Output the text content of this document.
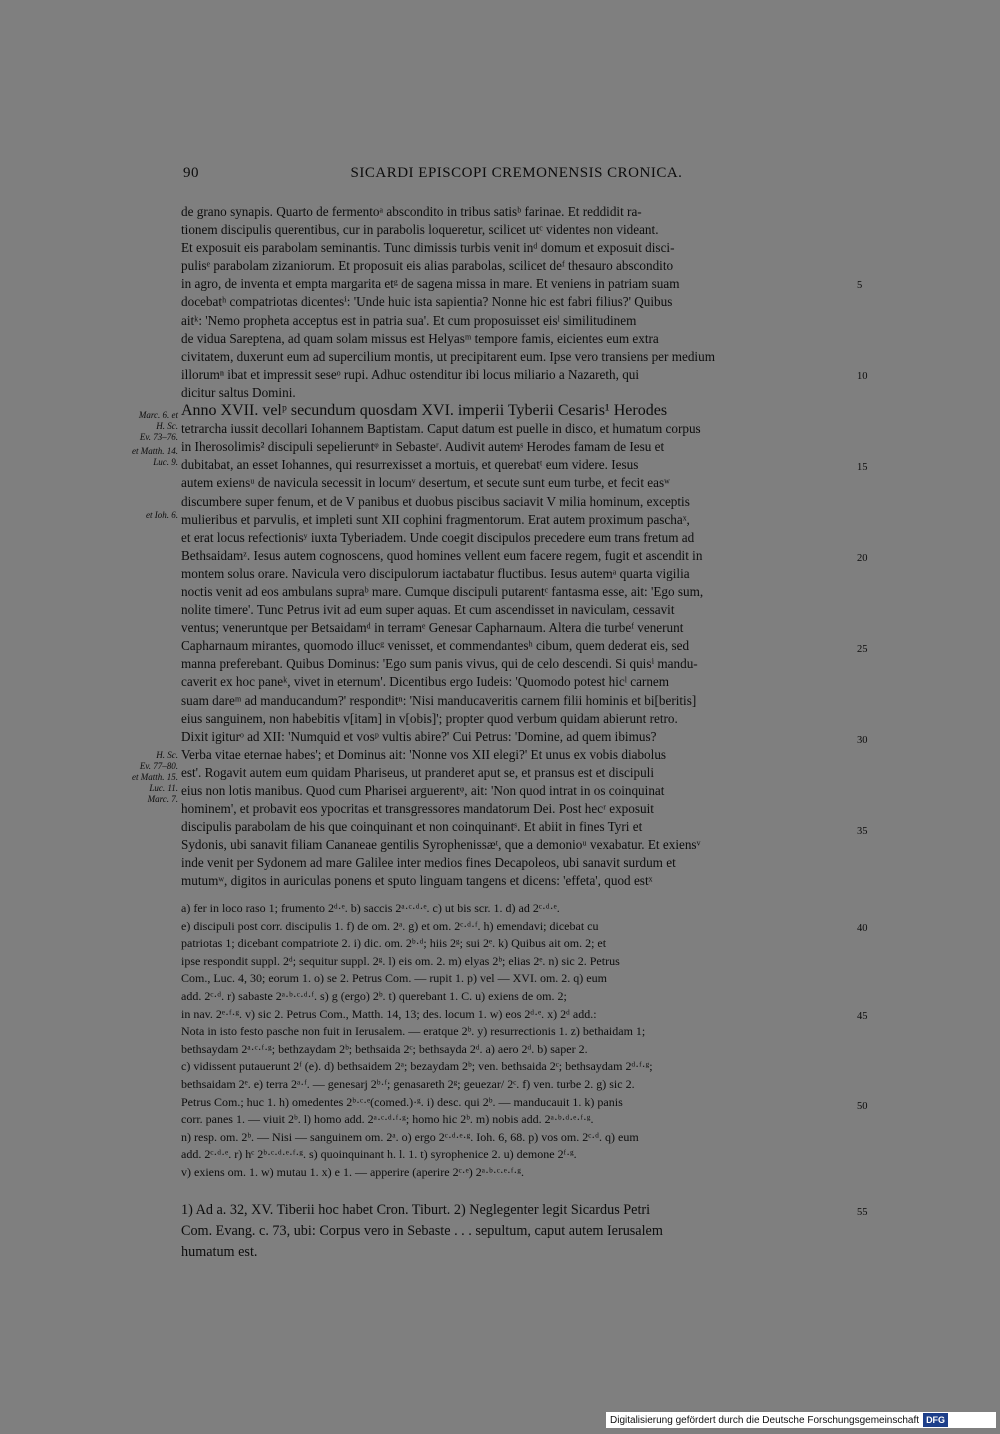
90	SICARDI EPISCOPI CREMONENSIS CRONICA.
de grano synapis. Quarto de fermentoᵃ abscondito in tribus satisᵇ farinae. Et reddidit ra-
tionem discipulis querentibus, cur in parabolis loqueretur, scilicet utᶜ videntes non videant.
Et exposuit eis parabolam seminantis. Tunc dimissis turbis venit inᵈ domum et exposuit disci-
pulisᵉ parabolam zizaniorum. Et proposuit eis alias parabolas, scilicet deᶠ thesauro abscondito
in agro, de inventa et empta margarita etᵍ de sagena missa in mare. Et veniens in patriam suam
docebatʰ compatriotas dicentesⁱ: 'Unde huic ista sapientia? Nonne hic est fabri filius?' Quibus
aitᵏ: 'Nemo propheta acceptus est in patria sua'. Et cum proposuisset eisˡ similitudinem
de vidua Sareptena, ad quam solam missus est Helyasᵐ tempore famis, eicientes eum extra
civitatem, duxerunt eum ad supercilium montis, ut precipitarent eum. Ipse vero transiens per medium
illorumⁿ ibat et impressit seseᵒ rupi. Adhuc ostenditur ibi locus miliario a Nazareth, qui
dicitur saltus Domini.
Anno XVII. velᵖ secundum quosdam XVI. imperii Tyberii Cesaris¹ Herodes
tetrarcha iussit decollari Iohannem Baptistam. Caput datum est puelle in disco, et humatum corpus
in Iherosolimis² discipuli sepelieruntᵠ in Sebasteʳ. Audivit autemˢ Herodes famam de Iesu et
dubitabat, an esset Iohannes, qui resurrexisset a mortuis, et querebatᵗ eum videre. Iesus
autem exiensᵘ de navicula secessit in locumᵛ desertum, et secute sunt eum turbe, et fecit easʷ
discumbere super fenum, et de V panibus et duobus piscibus saciavit V milia hominum, exceptis
mulieribus et parvulis, et impleti sunt XII cophini fragmentorum. Erat autem proximum paschaˣ,
et erat locus refectionisʸ iuxta Tyberiadem. Unde coegit discipulos precedere eum trans fretum ad
Bethsaidamᶻ. Iesus autem cognoscens, quod homines vellent eum facere regem, fugit et ascendit in
montem solus orare. Navicula vero discipulorum iactabatur fluctibus. Iesus autemᵃ quarta vigilia
noctis venit ad eos ambulans supraᵇ mare. Cumque discipuli putarentᶜ fantasma esse, ait: 'Ego sum,
nolite timere'. Tunc Petrus ivit ad eum super aquas. Et cum ascendisset in naviculam, cessavit
ventus; veneruntque per Betsaidamᵈ in terramᵉ Genesar Capharnaum. Altera die turbeᶠ venerunt
Capharnaum mirantes, quomodo illucᵍ venisset, et commendantesʰ cibum, quem dederat eis, sed
manna preferebant. Quibus Dominus: 'Ego sum panis vivus, qui de celo descendi. Si quisⁱ mandu-
caverit ex hoc paneᵏ, vivet in eternum'. Dicentibus ergo Iudeis: 'Quomodo potest hicˡ carnem
suam dareᵐ ad manducandum?' responditⁿ: 'Nisi manducaveritis carnem filii hominis et bi[beritis]
eius sanguinem, non habebitis v[itam] in v[obis]'; propter quod verbum quidam abierunt retro.
Dixit igiturᵒ ad XII: 'Numquid et vosᵖ vultis abire?' Cui Petrus: 'Domine, ad quem ibimus?
Verba vitae eternae habes'; et Dominus ait: 'Nonne vos XII elegi?' Et unus ex vobis diabolus
est'. Rogavit autem eum quidam Phariseus, ut pranderet aput se, et pransus est et discipuli
eius non lotis manibus. Quod cum Pharisei arguerentᵠ, ait: 'Non quod intrat in os coinquinat
hominem', et probavit eos ypocritas et transgressores mandatorum Dei. Post hecʳ exposuit
discipulis parabolam de his que coinquinant et non coinquinantˢ. Et abiit in fines Tyri et
Sydonis, ubi sanavit filiam Cananeae gentilis Syrophenissæᵗ, que a demonioᵘ vexabatur. Et exiensᵛ
inde venit per Sydonem ad mare Galilee inter medios fines Decapoleos, ubi sanavit surdum et
mutumʷ, digitos in auriculas ponens et sputo linguam tangens et dicens: 'effeta', quod estˣ
Marc. 6. et
H. Sc.
Ev. 73–76.
et Matth. 14.
Luc. 9.
et Ioh. 6.
H. Sc.
Ev. 77–80.
et Matth. 15.
Luc. 11.
Marc. 7.
5
10
15
20
25
30
35
40
45
50
55
a) fer in loco raso 1; frumento 2ᵈ·ᵉ. b) saccis 2ᵃ·ᶜ·ᵈ·ᵉ. c) ut bis scr. 1. d) ad 2ᶜ·ᵈ·ᵉ.
e) discipuli post corr. discipulis 1. f) de om. 2ᵃ. g) et om. 2ᶜ·ᵈ·ᶠ. h) emendavi; dicebat cu
patriotas 1; dicebant compatriote 2. i) dic. om. 2ᵇ·ᵈ; hiis 2ᵍ; sui 2ᵉ. k) Quibus ait om. 2; et
ipse respondit suppl. 2ᵈ; sequitur suppl. 2ᵍ. l) eis om. 2. m) elyas 2ᵇ; elias 2ᵉ. n) sic 2. Petrus
Com., Luc. 4, 30; eorum 1. o) se 2. Petrus Com. — rupit 1. p) vel — XVI. om. 2. q) eum
add. 2ᶜ·ᵈ. r) sabaste 2ᵃ·ᵇ·ᶜ·ᵈ·ᶠ. s) g (ergo) 2ᵇ. t) querebant 1. C. u) exiens de om. 2;
in nav. 2ᵉ·ᶠ·ᵍ. v) sic 2. Petrus Com., Matth. 14, 13; des. locum 1. w) eos 2ᵈ·ᵉ. x) 2ᵈ add.:
Nota in isto festo pasche non fuit in Ierusalem. — eratque 2ᵇ. y) resurrectionis 1. z) bethaidam 1;
bethsaydam 2ᵃ·ᶜ·ᶠ·ᵍ; bethzaydam 2ᵇ; bethsaida 2ᶜ; bethsayda 2ᵈ. a) aero 2ᵈ. b) saper 2.
c) vidissent putauerunt 2ᶠ (e). d) bethsaidem 2ᵃ; bezaydam 2ᵇ; ven. bethsaida 2ᶜ; bethsaydam 2ᵈ·ᶠ·ᵍ;
bethsaidam 2ᵉ. e) terra 2ᵃ·ᶠ. — genesarj 2ᵇ·ᶠ; genasareth 2ᵍ; geuezar/ 2ᶜ. f) ven. turbe 2. g) sic 2.
Petrus Com.; huc 1. h) omedentes 2ᵇ·ᶜ·ᵉ(comed.)·ᵍ. i) desc. qui 2ᵇ. — manducauit 1. k) panis
corr. panes 1. — viuit 2ᵇ. l) homo add. 2ᵃ·ᶜ·ᵈ·ᶠ·ᵍ; homo hic 2ᵇ. m) nobis add. 2ᵃ·ᵇ·ᵈ·ᵉ·ᶠ·ᵍ.
n) resp. om. 2ᵇ. — Nisi — sanguinem om. 2ᵃ. o) ergo 2ᶜ·ᵈ·ᵉ·ᵍ. Ioh. 6, 68. p) vos om. 2ᶜ·ᵈ. q) eum
add. 2ᶜ·ᵈ·ᵉ. r) hᶜ 2ᵇ·ᶜ·ᵈ·ᵉ·ᶠ·ᵍ. s) quoinquinant h. l. 1. t) syrophenice 2. u) demone 2ᶠ·ᵍ.
v) exiens om. 1. w) mutau 1. x) e 1. — apperire (aperire 2ᶜ·ᵉ) 2ᵃ·ᵇ·ᶜ·ᵉ·ᶠ·ᵍ.
1) Ad a. 32, XV. Tiberii hoc habet Cron. Tiburt. 2) Neglegenter legit Sicardus Petri
Com. Evang. c. 73, ubi: Corpus vero in Sebaste . . . sepultum, caput autem Ierusalem
humatum est.
Digitalisierung gefördert durch die Deutsche Forschungsgemeinschaft DFG
